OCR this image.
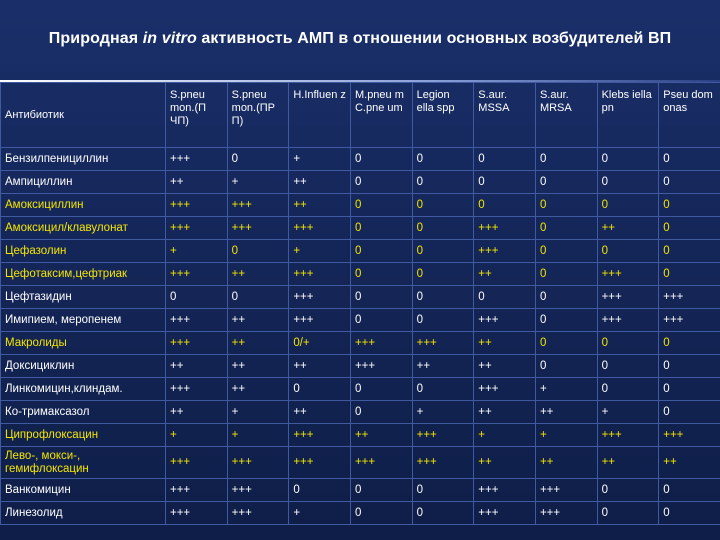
Природная in vitro активность АМП в отношении основных возбудителей ВП
Антибиотик	S.pneu mon.(П ЧП)	S.pneu mon.(ПР П)	H.Influen z	M.pneu m C.pne um	Legion ella spp	S.aur. MSSA	S.aur. MRSA	Klebs iella pn	Pseu dom onas
Бензилпенициллин	+++	0	+	0	0	0	0	0	0
Ампициллин	++	+	++	0	0	0	0	0	0
Амоксициллин	+++	+++	++	0	0	0	0	0	0
Амоксицил/клавулонат	+++	+++	+++	0	0	+++	0	++	0
Цефазолин	+	0	+	0	0	+++	0	0	0
Цефотаксим,цефтриак	+++	++	+++	0	0	++	0	+++	0
Цефтазидин	0	0	+++	0	0	0	0	+++	+++
Имипием, меропенем	+++	++	+++	0	0	+++	0	+++	+++
Макролиды	+++	++	0/+	+++	+++	++	0	0	0
Доксициклин	++	++	++	+++	++	++	0	0	0
Линкомицин,клиндам.	+++	++	0	0	0	+++	+	0	0
Ко-тримаксазол	++	+	++	0	+	++	++	+	0
Ципрофлоксацин	+	+	+++	++	+++	+	+	+++	+++
Лево-, мокси-, гемифлоксацин	+++	+++	+++	+++	+++	++	++	++	++
Ванкомицин	+++	+++	0	0	0	+++	+++	0	0
Линезолид	+++	+++	+	0	0	+++	+++	0	0
